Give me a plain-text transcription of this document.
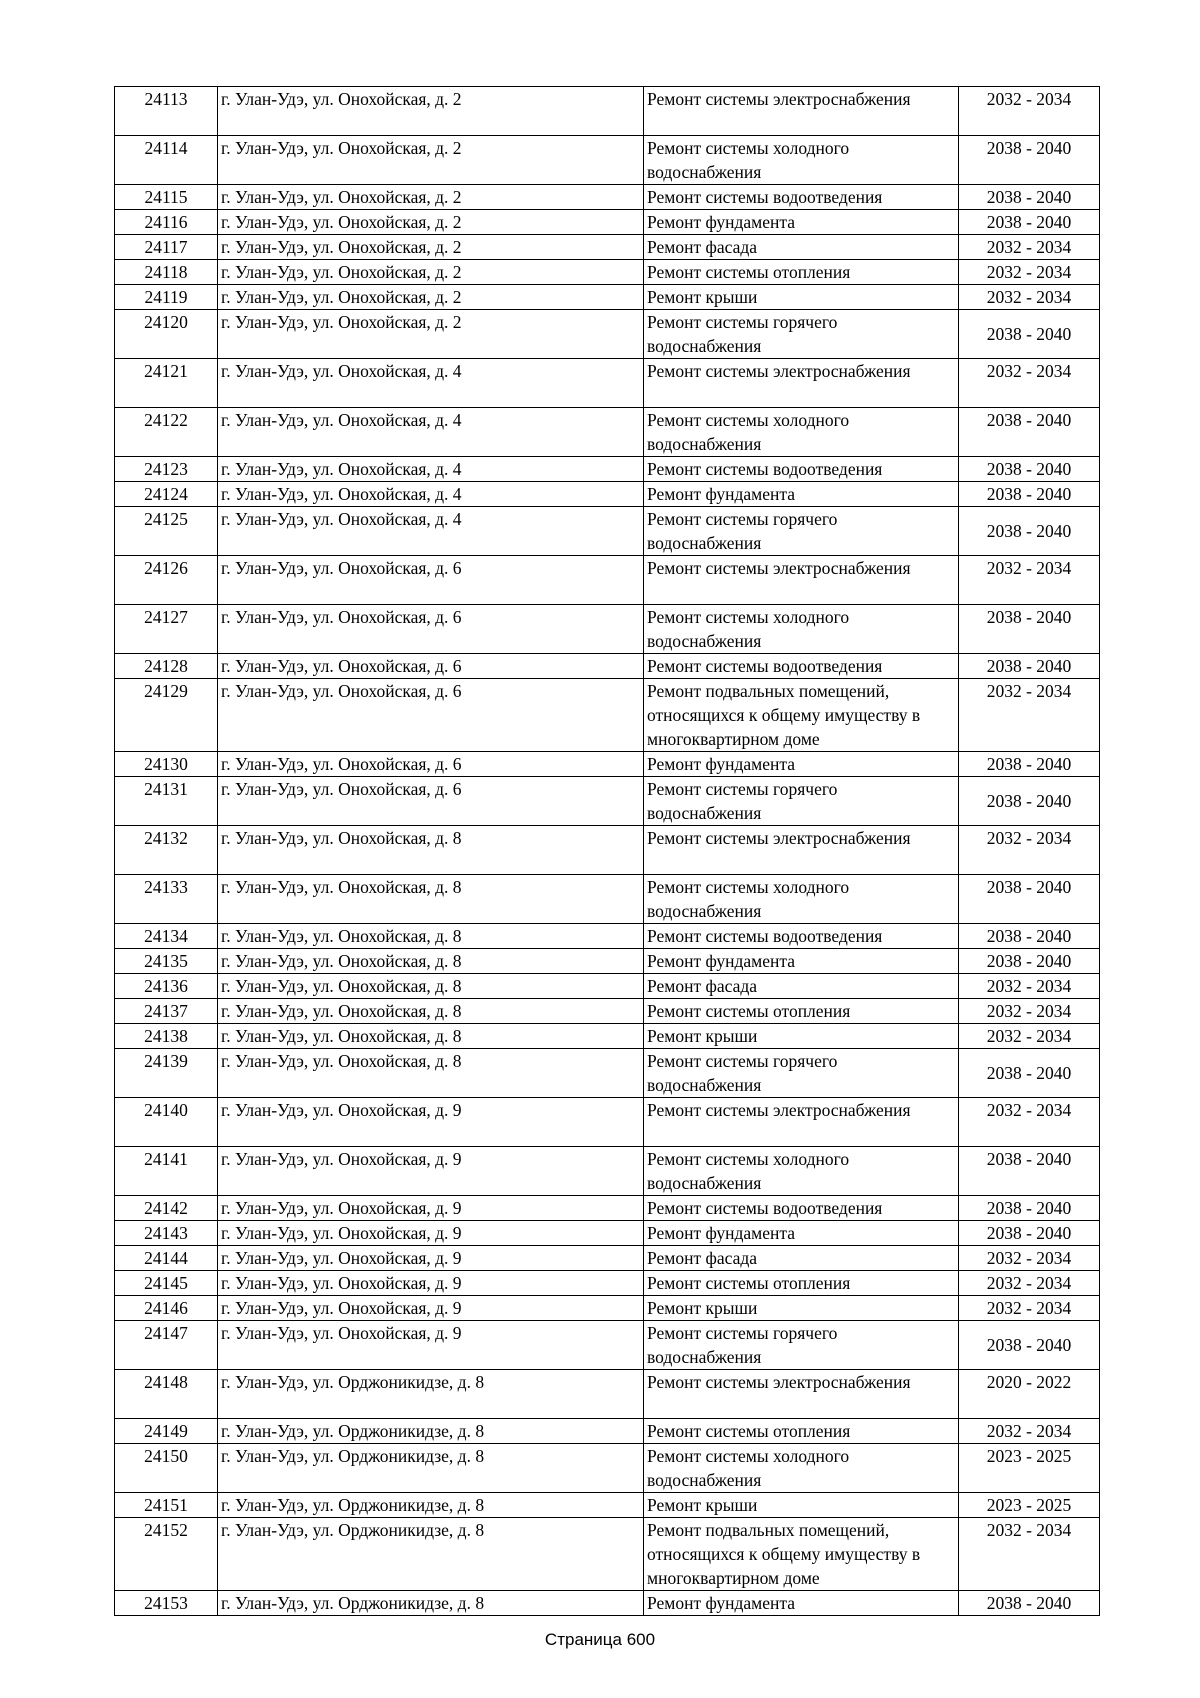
24113	г. Улан-Удэ, ул. Онохойская, д. 2	Ремонт системы электроснабжения	2032 - 2034
24114	г. Улан-Удэ, ул. Онохойская, д. 2	Ремонт системы холодного водоснабжения	2038 - 2040
24115	г. Улан-Удэ, ул. Онохойская, д. 2	Ремонт системы водоотведения	2038 - 2040
24116	г. Улан-Удэ, ул. Онохойская, д. 2	Ремонт фундамента	2038 - 2040
24117	г. Улан-Удэ, ул. Онохойская, д. 2	Ремонт фасада	2032 - 2034
24118	г. Улан-Удэ, ул. Онохойская, д. 2	Ремонт системы отопления	2032 - 2034
24119	г. Улан-Удэ, ул. Онохойская, д. 2	Ремонт крыши	2032 - 2034
24120	г. Улан-Удэ, ул. Онохойская, д. 2	Ремонт системы горячего водоснабжения	2038 - 2040
24121	г. Улан-Удэ, ул. Онохойская, д. 4	Ремонт системы электроснабжения	2032 - 2034
24122	г. Улан-Удэ, ул. Онохойская, д. 4	Ремонт системы холодного водоснабжения	2038 - 2040
24123	г. Улан-Удэ, ул. Онохойская, д. 4	Ремонт системы водоотведения	2038 - 2040
24124	г. Улан-Удэ, ул. Онохойская, д. 4	Ремонт фундамента	2038 - 2040
24125	г. Улан-Удэ, ул. Онохойская, д. 4	Ремонт системы горячего водоснабжения	2038 - 2040
24126	г. Улан-Удэ, ул. Онохойская, д. 6	Ремонт системы электроснабжения	2032 - 2034
24127	г. Улан-Удэ, ул. Онохойская, д. 6	Ремонт системы холодного водоснабжения	2038 - 2040
24128	г. Улан-Удэ, ул. Онохойская, д. 6	Ремонт системы водоотведения	2038 - 2040
24129	г. Улан-Удэ, ул. Онохойская, д. 6	Ремонт подвальных помещений, относящихся к общему имуществу в многоквартирном доме	2032 - 2034
24130	г. Улан-Удэ, ул. Онохойская, д. 6	Ремонт фундамента	2038 - 2040
24131	г. Улан-Удэ, ул. Онохойская, д. 6	Ремонт системы горячего водоснабжения	2038 - 2040
24132	г. Улан-Удэ, ул. Онохойская, д. 8	Ремонт системы электроснабжения	2032 - 2034
24133	г. Улан-Удэ, ул. Онохойская, д. 8	Ремонт системы холодного водоснабжения	2038 - 2040
24134	г. Улан-Удэ, ул. Онохойская, д. 8	Ремонт системы водоотведения	2038 - 2040
24135	г. Улан-Удэ, ул. Онохойская, д. 8	Ремонт фундамента	2038 - 2040
24136	г. Улан-Удэ, ул. Онохойская, д. 8	Ремонт фасада	2032 - 2034
24137	г. Улан-Удэ, ул. Онохойская, д. 8	Ремонт системы отопления	2032 - 2034
24138	г. Улан-Удэ, ул. Онохойская, д. 8	Ремонт крыши	2032 - 2034
24139	г. Улан-Удэ, ул. Онохойская, д. 8	Ремонт системы горячего водоснабжения	2038 - 2040
24140	г. Улан-Удэ, ул. Онохойская, д. 9	Ремонт системы электроснабжения	2032 - 2034
24141	г. Улан-Удэ, ул. Онохойская, д. 9	Ремонт системы холодного водоснабжения	2038 - 2040
24142	г. Улан-Удэ, ул. Онохойская, д. 9	Ремонт системы водоотведения	2038 - 2040
24143	г. Улан-Удэ, ул. Онохойская, д. 9	Ремонт фундамента	2038 - 2040
24144	г. Улан-Удэ, ул. Онохойская, д. 9	Ремонт фасада	2032 - 2034
24145	г. Улан-Удэ, ул. Онохойская, д. 9	Ремонт системы отопления	2032 - 2034
24146	г. Улан-Удэ, ул. Онохойская, д. 9	Ремонт крыши	2032 - 2034
24147	г. Улан-Удэ, ул. Онохойская, д. 9	Ремонт системы горячего водоснабжения	2038 - 2040
24148	г. Улан-Удэ, ул. Орджоникидзе, д. 8	Ремонт системы электроснабжения	2020 - 2022
24149	г. Улан-Удэ, ул. Орджоникидзе, д. 8	Ремонт системы отопления	2032 - 2034
24150	г. Улан-Удэ, ул. Орджоникидзе, д. 8	Ремонт системы холодного водоснабжения	2023 - 2025
24151	г. Улан-Удэ, ул. Орджоникидзе, д. 8	Ремонт крыши	2023 - 2025
24152	г. Улан-Удэ, ул. Орджоникидзе, д. 8	Ремонт подвальных помещений, относящихся к общему имуществу в многоквартирном доме	2032 - 2034
24153	г. Улан-Удэ, ул. Орджоникидзе, д. 8	Ремонт фундамента	2038 - 2040
Страница 600
